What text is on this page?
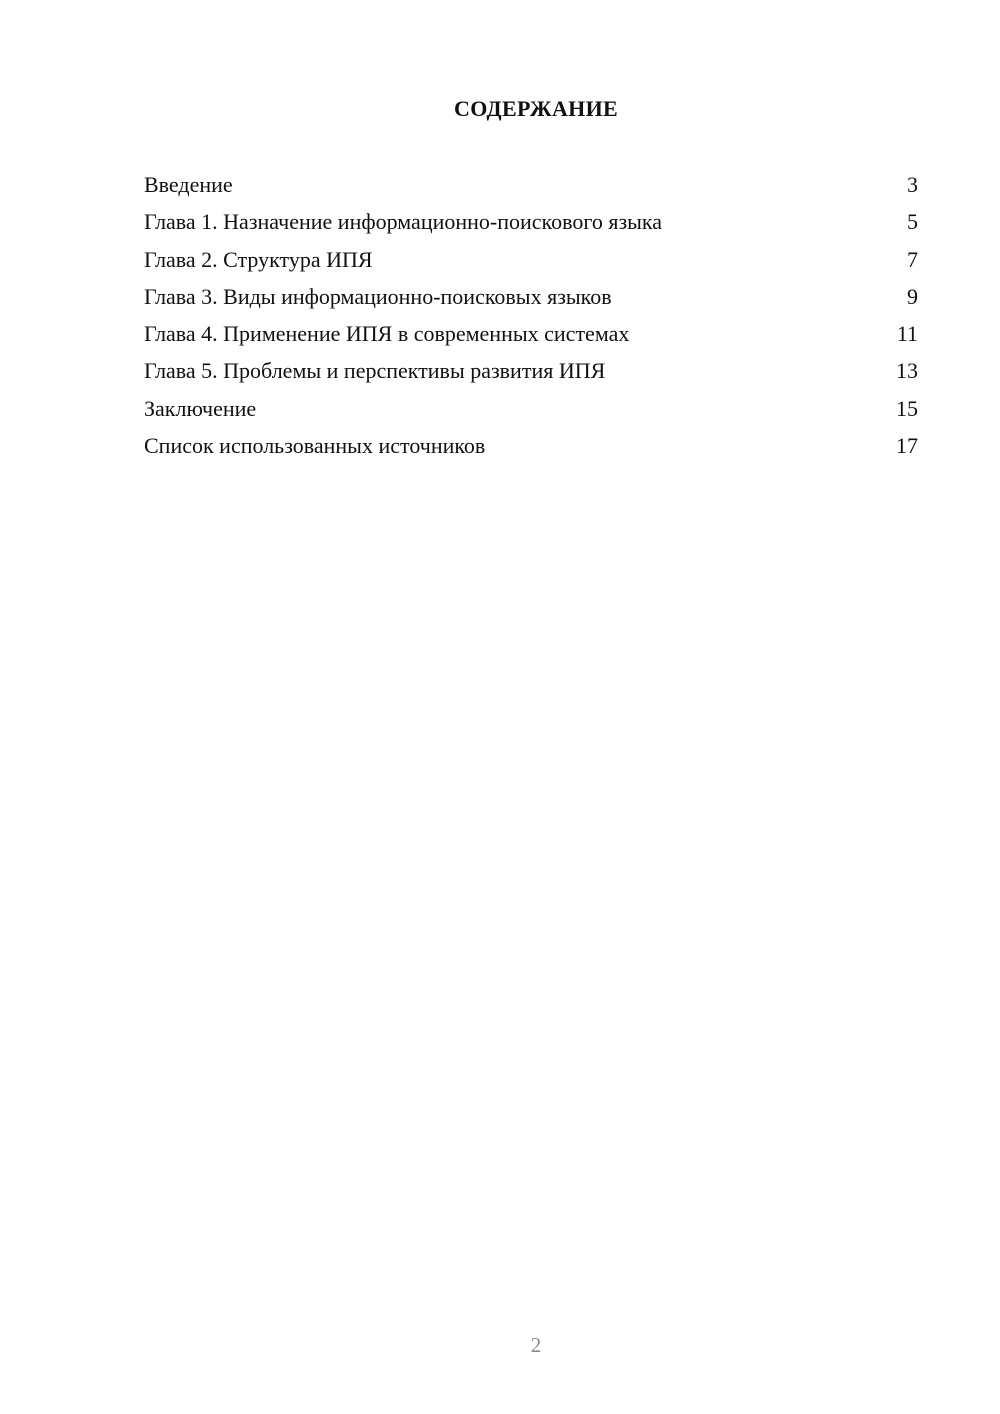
СОДЕРЖАНИЕ
Введение	3
Глава 1. Назначение информационно-поискового языка	5
Глава 2. Структура ИПЯ	7
Глава 3. Виды информационно-поисковых языков	9
Глава 4. Применение ИПЯ в современных системах	11
Глава 5. Проблемы и перспективы развития ИПЯ	13
Заключение	15
Список использованных источников	17
2
